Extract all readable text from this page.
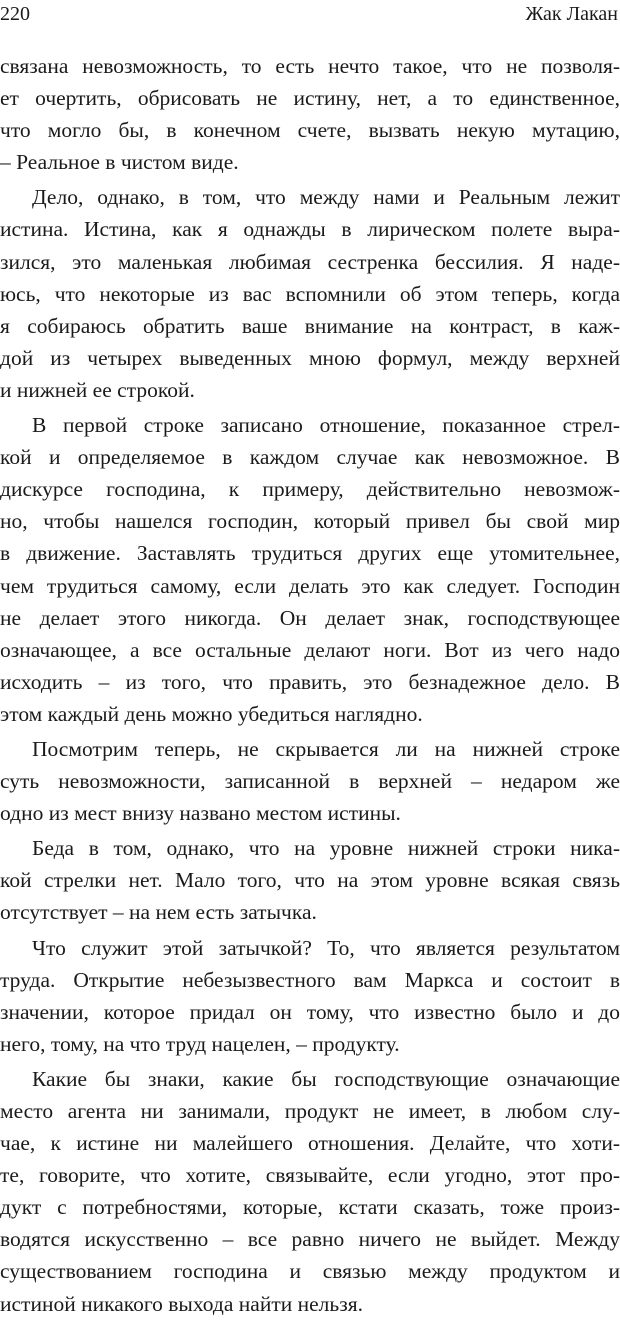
220	Жак Лакан
связана невозможность, то есть нечто такое, что не позволя-
ет очертить, обрисовать не истину, нет, а то единственное,
что могло бы, в конечном счете, вызвать некую мутацию,
– Реальное в чистом виде.
Дело, однако, в том, что между нами и Реальным лежит
истина. Истина, как я однажды в лирическом полете выра-
зился, это маленькая любимая сестренка бессилия. Я наде-
юсь, что некоторые из вас вспомнили об этом теперь, когда
я собираюсь обратить ваше внимание на контраст, в каж-
дой из четырех выведенных мною формул, между верхней
и нижней ее строкой.
В первой строке записано отношение, показанное стрел-
кой и определяемое в каждом случае как невозможное. В
дискурсе господина, к примеру, действительно невозмож-
но, чтобы нашелся господин, который привел бы свой мир
в движение. Заставлять трудиться других еще утомительнее,
чем трудиться самому, если делать это как следует. Господин
не делает этого никогда. Он делает знак, господствующее
означающее, а все остальные делают ноги. Вот из чего надо
исходить – из того, что править, это безнадежное дело. В
этом каждый день можно убедиться наглядно.
Посмотрим теперь, не скрывается ли на нижней строке
суть невозможности, записанной в верхней – недаром же
одно из мест внизу названо местом истины.
Беда в том, однако, что на уровне нижней строки ника-
кой стрелки нет. Мало того, что на этом уровне всякая связь
отсутствует – на нем есть затычка.
Что служит этой затычкой? То, что является результатом
труда. Открытие небезызвестного вам Маркса и состоит в
значении, которое придал он тому, что известно было и до
него, тому, на что труд нацелен, – продукту.
Какие бы знаки, какие бы господствующие означающие
место агента ни занимали, продукт не имеет, в любом слу-
чае, к истине ни малейшего отношения. Делайте, что хоти-
те, говорите, что хотите, связывайте, если угодно, этот про-
дукт с потребностями, которые, кстати сказать, тоже произ-
водятся искусственно – все равно ничего не выйдет. Между
существованием господина и связью между продуктом и
истиной никакого выхода найти нельзя.
